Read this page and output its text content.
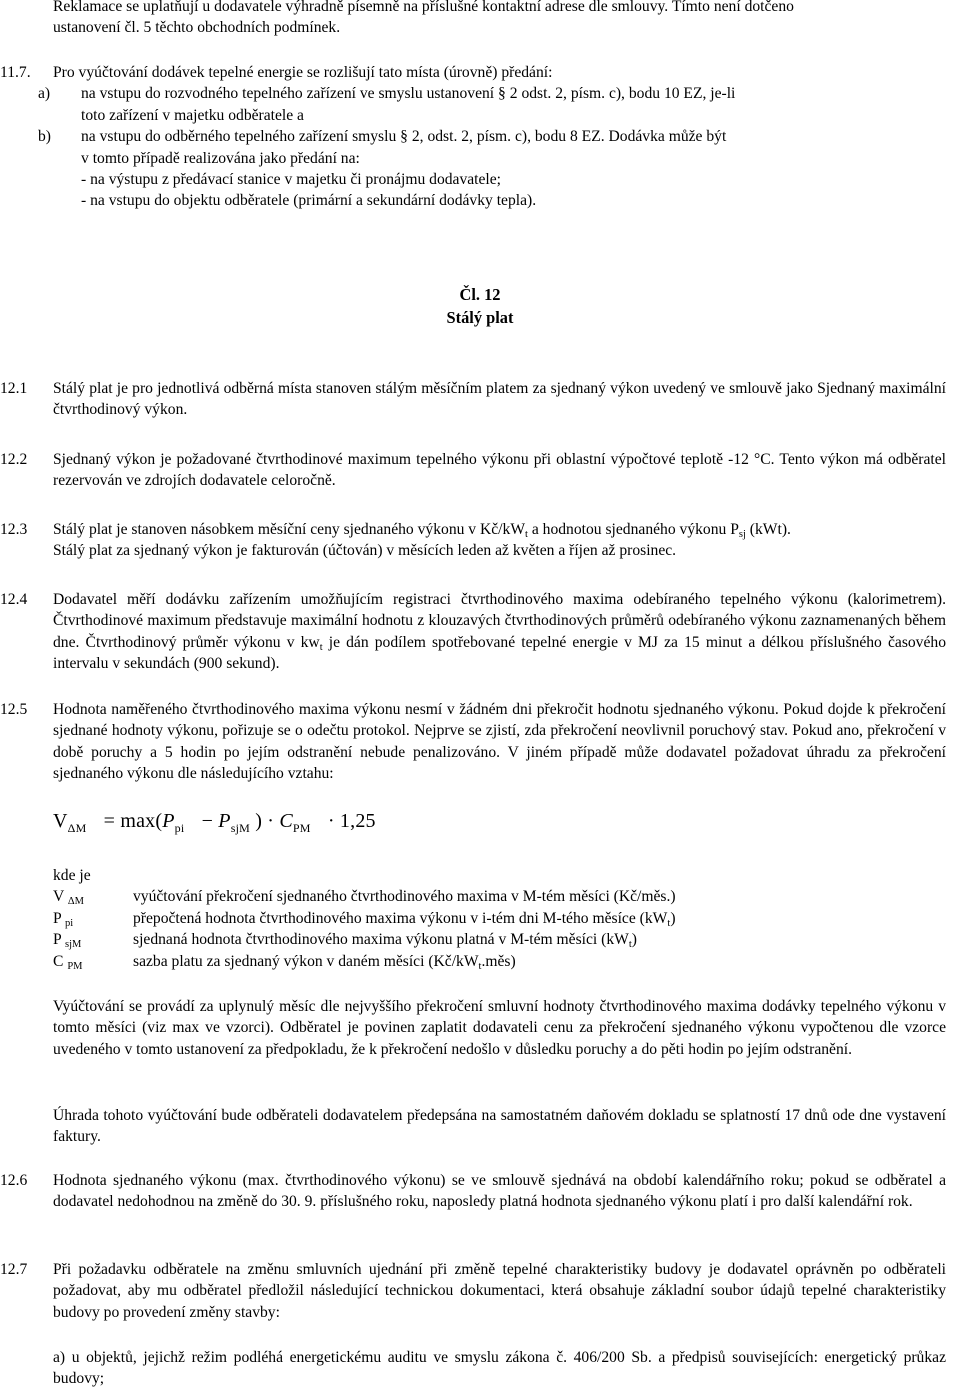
Reklamace se uplatňují u dodavatele výhradně písemně na příslušné kontaktní adrese dle smlouvy. Tímto není dotčeno
ustanovení čl. 5 těchto obchodních podmínek.
11.7.	Pro vyúčtování dodávek tepelné energie se rozlišují tato místa (úrovně) předání:
a)	na vstupu do rozvodného tepelného zařízení ve smyslu ustanovení § 2 odst. 2, písm. c), bodu 10 EZ, je-li
toto zařízení v majetku odběratele a
b)	na vstupu do odběrného tepelného zařízení smyslu § 2, odst. 2, písm. c), bodu 8 EZ. Dodávka může být
v tomto případě realizována jako předání na:
- na výstupu z předávací stanice v majetku či pronájmu dodavatele;
- na vstupu do objektu odběratele (primární a sekundární dodávky tepla).
Čl. 12
Stálý plat
12.1	Stálý plat je pro jednotlivá odběrná místa stanoven stálým měsíčním platem za sjednaný výkon uvedený ve smlouvě jako Sjednaný maximální čtvrthodinový výkon.
12.2	Sjednaný výkon je požadované čtvrthodinové maximum tepelného výkonu při oblastní výpočtové teplotě -12 °C. Tento výkon má odběratel rezervován ve zdrojích dodavatele celoročně.
12.3	Stálý plat je stanoven násobkem měsíční ceny sjednaného výkonu v Kč/kWt a hodnotou sjednaného výkonu Psj (kWt).
Stálý plat za sjednaný výkon je fakturován (účtován) v měsících leden až květen a říjen až prosinec.
12.4	Dodavatel měří dodávku zařízením umožňujícím registraci čtvrthodinového maxima odebíraného tepelného výkonu (kalorimetrem). Čtvrthodinové maximum představuje maximální hodnotu z klouzavých čtvrthodinových průměrů odebíraného výkonu zaznamenaných během dne. Čtvrthodinový průměr výkonu v kwt je dán podílem spotřebované tepelné energie v MJ za 15 minut a délkou příslušného časového intervalu v sekundách (900 sekund).
12.5	Hodnota naměřeného čtvrthodinového maxima výkonu nesmí v žádném dni překročit hodnotu sjednaného výkonu. Pokud dojde k překročení sjednané hodnoty výkonu, pořizuje se o odečtu protokol. Nejprve se zjistí, zda překročení neovlivnil poruchový stav. Pokud ano, překročení v době poruchy a 5 hodin po jejím odstranění nebude penalizováno. V jiném případě může dodavatel požadovat úhradu za překročení sjednaného výkonu dle následujícího vztahu:
$V_{\Delta M} = \max(P_{pi} - P_{sjM}$ ) · $C_{PM} \cdot 1,25$
kde je
V ΔM	vyúčtování překročení sjednaného čtvrthodinového maxima v M-tém měsíci (Kč/měs.)
P pi	přepočtená hodnota čtvrthodinového maxima výkonu v i-tém dni M-tého měsíce (kWt)
P sjM	sjednaná hodnota čtvrthodinového maxima výkonu platná v M-tém měsíci (kWt)
C PM	sazba platu za sjednaný výkon v daném měsíci (Kč/kWt.měs)
Vyúčtování se provádí za uplynulý měsíc dle nejvyššího překročení smluvní hodnoty čtvrthodinového maxima dodávky tepelného výkonu v tomto měsíci (viz max ve vzorci). Odběratel je povinen zaplatit dodavateli cenu za překročení sjednaného výkonu vypočtenou dle vzorce uvedeného v tomto ustanovení za předpokladu, že k překročení nedošlo v důsledku poruchy a do pěti hodin po jejím odstranění.
Úhrada tohoto vyúčtování bude odběrateli dodavatelem předepsána na samostatném daňovém dokladu se splatností 17 dnů ode dne vystavení faktury.
12.6	Hodnota sjednaného výkonu (max. čtvrthodinového výkonu) se ve smlouvě sjednává na období kalendářního roku; pokud se odběratel a dodavatel nedohodnou na změně do 30. 9. příslušného roku, naposledy platná hodnota sjednaného výkonu platí i pro další kalendářní rok.
12.7	Při požadavku odběratele na změnu smluvních ujednání při změně tepelné charakteristiky budovy je dodavatel oprávněn po odběrateli požadovat, aby mu odběratel předložil následující technickou dokumentaci, která obsahuje základní soubor údajů tepelné charakteristiky budovy po provedení změny stavby:
a) u objektů, jejichž režim podléhá energetickému auditu ve smyslu zákona č. 406/200 Sb. a předpisů souvisejících: energetický průkaz budovy;
